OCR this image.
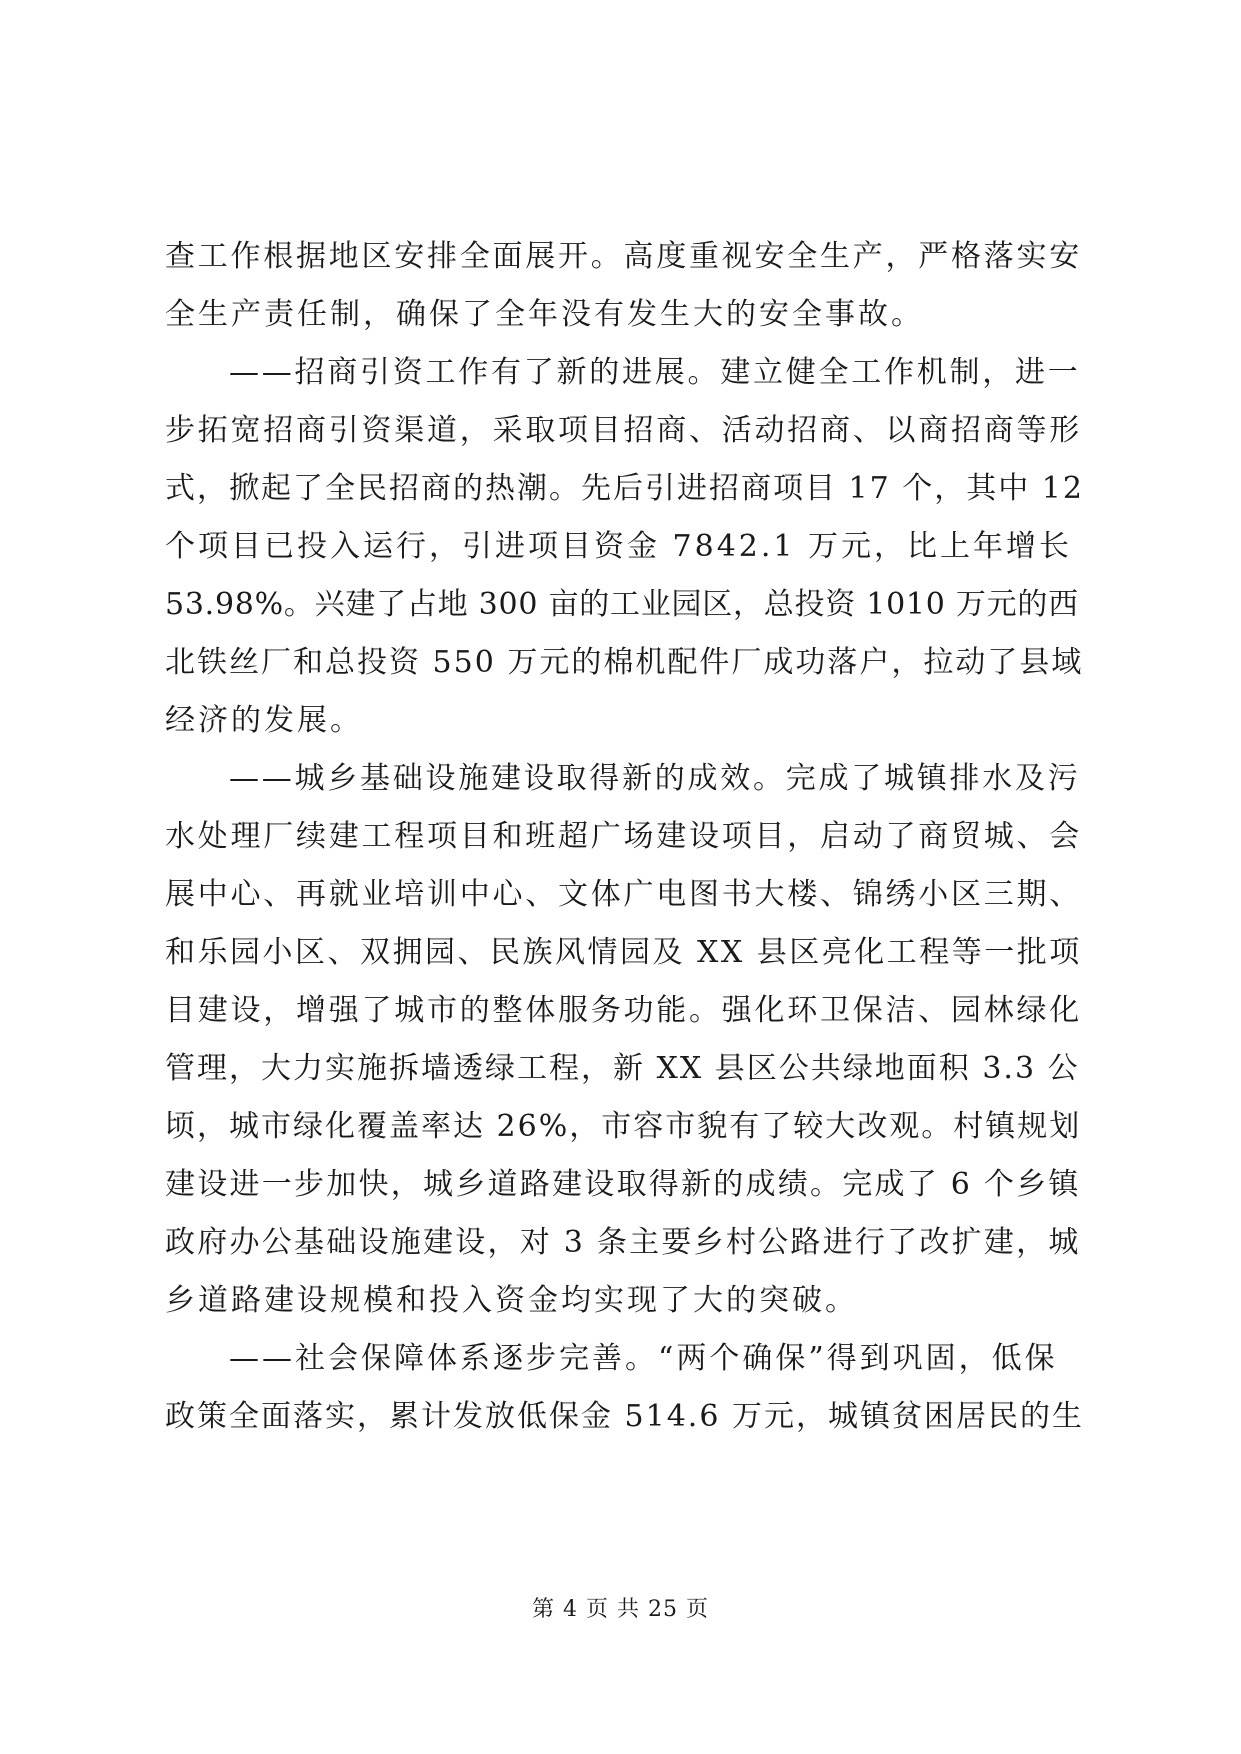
查工作根据地区安排全面展开。高度重视安全生产，严格落实安
全生产责任制，确保了全年没有发生大的安全事故。
——招商引资工作有了新的进展。建立健全工作机制，进一
步拓宽招商引资渠道，采取项目招商、活动招商、以商招商等形
式，掀起了全民招商的热潮。先后引进招商项目 17 个，其中 12
个项目已投入运行，引进项目资金 7842.1 万元，比上年增长
53.98%。兴建了占地 300 亩的工业园区，总投资 1010 万元的西
北铁丝厂和总投资 550 万元的棉机配件厂成功落户，拉动了县域
经济的发展。
——城乡基础设施建设取得新的成效。完成了城镇排水及污
水处理厂续建工程项目和班超广场建设项目，启动了商贸城、会
展中心、再就业培训中心、文体广电图书大楼、锦绣小区三期、
和乐园小区、双拥园、民族风情园及 XX 县区亮化工程等一批项
目建设，增强了城市的整体服务功能。强化环卫保洁、园林绿化
管理，大力实施拆墙透绿工程，新 XX 县区公共绿地面积 3.3 公
顷，城市绿化覆盖率达 26%，市容市貌有了较大改观。村镇规划
建设进一步加快，城乡道路建设取得新的成绩。完成了 6 个乡镇
政府办公基础设施建设，对 3 条主要乡村公路进行了改扩建，城
乡道路建设规模和投入资金均实现了大的突破。
——社会保障体系逐步完善。“两个确保”得到巩固，低保
政策全面落实，累计发放低保金 514.6 万元，城镇贫困居民的生
第 4 页 共 25 页
